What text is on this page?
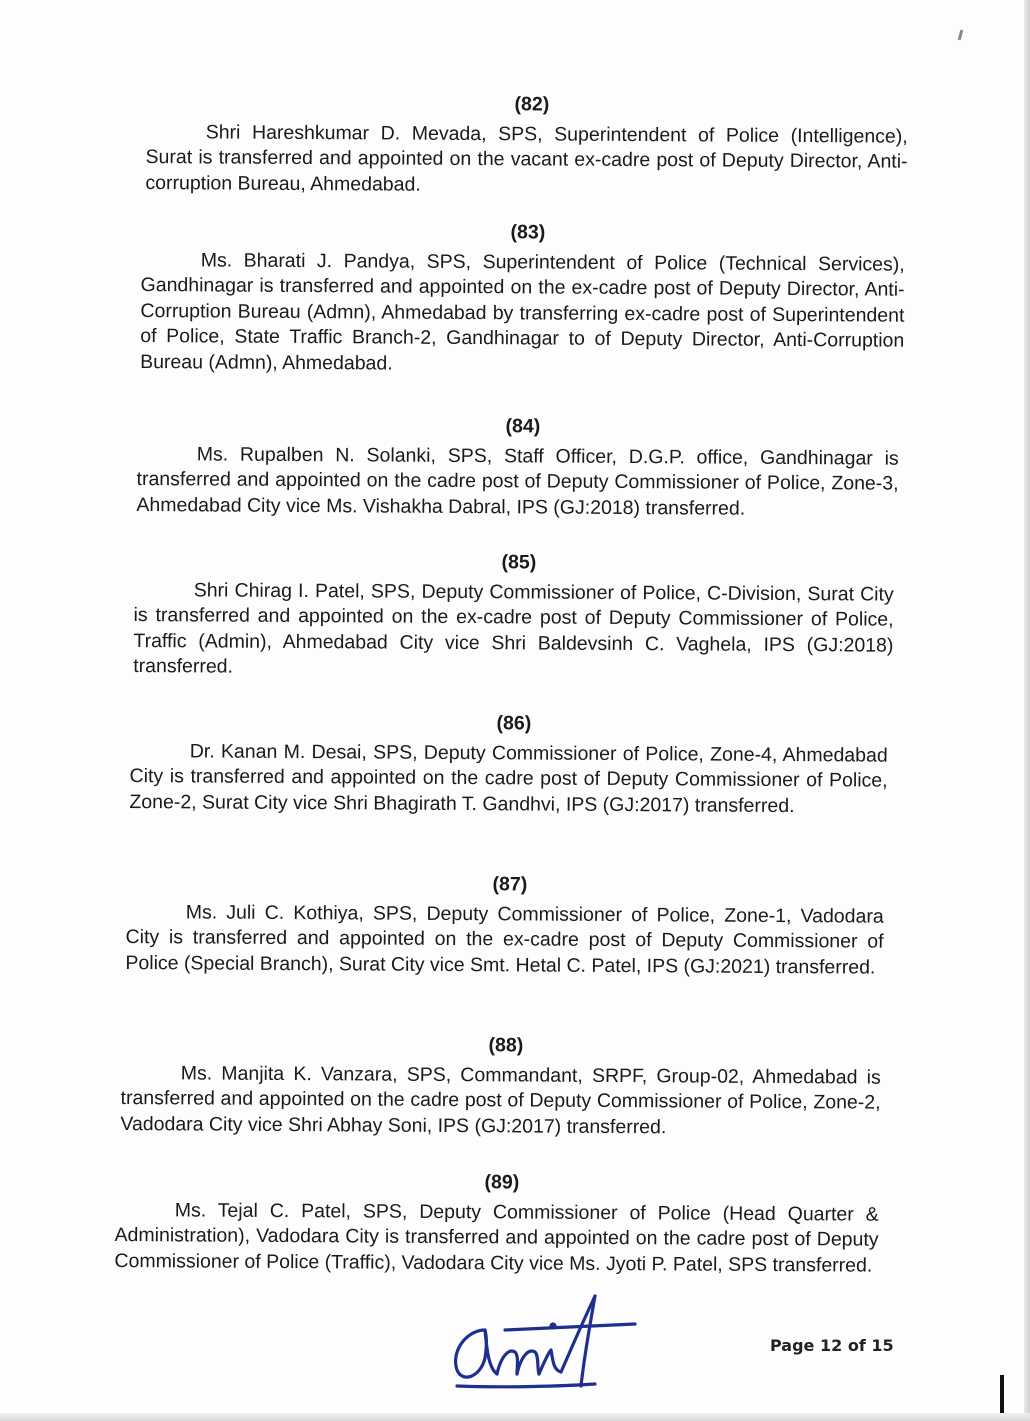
(82)
Shri Hareshkumar D. Mevada, SPS, Superintendent of Police (Intelligence), Surat is transferred and appointed on the vacant ex-cadre post of Deputy Director, Anti-corruption Bureau, Ahmedabad.
(83)
Ms. Bharati J. Pandya, SPS, Superintendent of Police (Technical Services), Gandhinagar is transferred and appointed on the ex-cadre post of Deputy Director, Anti-Corruption Bureau (Admn), Ahmedabad by transferring ex-cadre post of Superintendent of Police, State Traffic Branch-2, Gandhinagar to of Deputy Director, Anti-Corruption Bureau (Admn), Ahmedabad.
(84)
Ms. Rupalben N. Solanki, SPS, Staff Officer, D.G.P. office, Gandhinagar is transferred and appointed on the cadre post of Deputy Commissioner of Police, Zone-3, Ahmedabad City vice Ms. Vishakha Dabral, IPS (GJ:2018) transferred.
(85)
Shri Chirag I. Patel, SPS, Deputy Commissioner of Police, C-Division, Surat City is transferred and appointed on the ex-cadre post of Deputy Commissioner of Police, Traffic (Admin), Ahmedabad City vice Shri Baldevsinh C. Vaghela, IPS (GJ:2018) transferred.
(86)
Dr. Kanan M. Desai, SPS, Deputy Commissioner of Police, Zone-4, Ahmedabad City is transferred and appointed on the cadre post of Deputy Commissioner of Police, Zone-2, Surat City vice Shri Bhagirath T. Gandhvi, IPS (GJ:2017) transferred.
(87)
Ms. Juli C. Kothiya, SPS, Deputy Commissioner of Police, Zone-1, Vadodara City is transferred and appointed on the ex-cadre post of Deputy Commissioner of Police (Special Branch), Surat City vice Smt. Hetal C. Patel, IPS (GJ:2021) transferred.
(88)
Ms. Manjita K. Vanzara, SPS, Commandant, SRPF, Group-02, Ahmedabad is transferred and appointed on the cadre post of Deputy Commissioner of Police, Zone-2, Vadodara City vice Shri Abhay Soni, IPS (GJ:2017) transferred.
(89)
Ms. Tejal C. Patel, SPS, Deputy Commissioner of Police (Head Quarter & Administration), Vadodara City is transferred and appointed on the cadre post of Deputy Commissioner of Police (Traffic), Vadodara City vice Ms. Jyoti P. Patel, SPS transferred.
Page 12 of 15
